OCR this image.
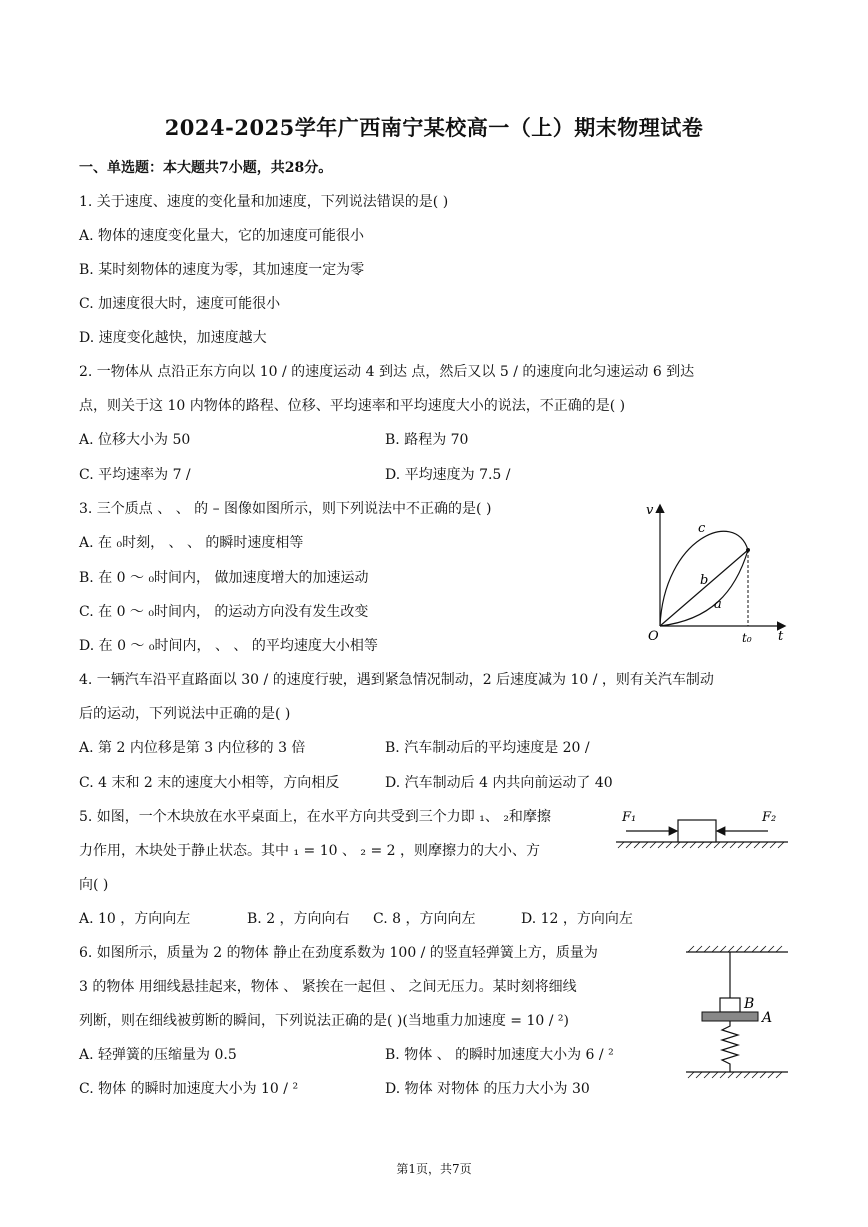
2024-2025学年广西南宁某校高一（上）期末物理试卷
一、单选题：本大题共7小题，共28分。
1. 关于速度、速度的变化量和加速度，下列说法错误的是( )
A. 物体的速度变化量大，它的加速度可能很小
B. 某时刻物体的速度为零，其加速度一定为零
C. 加速度很大时，速度可能很小
D. 速度变化越快，加速度越大
2. 一物体从 点沿正东方向以 10 / 的速度运动 4 到达 点，然后又以 5 / 的速度向北匀速运动 6 到达
点，则关于这 10 内物体的路程、位移、平均速率和平均速度大小的说法，不正确的是( )
A. 位移大小为 50	B. 路程为 70
C. 平均速率为 7 /	D. 平均速度为 7.5 /
3. 三个质点 、 、 的 – 图像如图所示，则下列说法中不正确的是( )
A. 在 ₀时刻， 、 、 的瞬时速度相等
B. 在 0 ～ ₀时间内， 做加速度增大的加速运动
C. 在 0 ～ ₀时间内， 的运动方向没有发生改变
D. 在 0 ～ ₀时间内， 、 、 的平均速度大小相等
v
t
O	t₀
c
b
a
4. 一辆汽车沿平直路面以 30 / 的速度行驶，遇到紧急情况制动，2 后速度减为 10 / ，则有关汽车制动
后的运动，下列说法中正确的是( )
A. 第 2 内位移是第 3 内位移的 3 倍	B. 汽车制动后的平均速度是 20 /
C. 4 末和 2 末的速度大小相等，方向相反	D. 汽车制动后 4 内共向前运动了 40
5. 如图，一个木块放在水平桌面上，在水平方向共受到三个力即 ₁、 ₂和摩擦
力作用，木块处于静止状态。其中 ₁ = 10 、 ₂ = 2 ，则摩擦力的大小、方
向( )
A. 10 ，方向向左	B. 2 ，方向向右 C. 8 ，方向向左	D. 12 ，方向向左
F₁	F₂
6. 如图所示，质量为 2 的物体 静止在劲度系数为 100 / 的竖直轻弹簧上方，质量为
3 的物体 用细线悬挂起来，物体 、 紧挨在一起但 、 之间无压力。某时刻将细线
列断，则在细线被剪断的瞬间，下列说法正确的是( )(当地重力加速度 = 10 / ²)
A. 轻弹簧的压缩量为 0.5	B. 物体 、 的瞬时加速度大小为 6 / ²
C. 物体 的瞬时加速度大小为 10 / ²	D. 物体 对物体 的压力大小为 30
B
A
第1页，共7页
